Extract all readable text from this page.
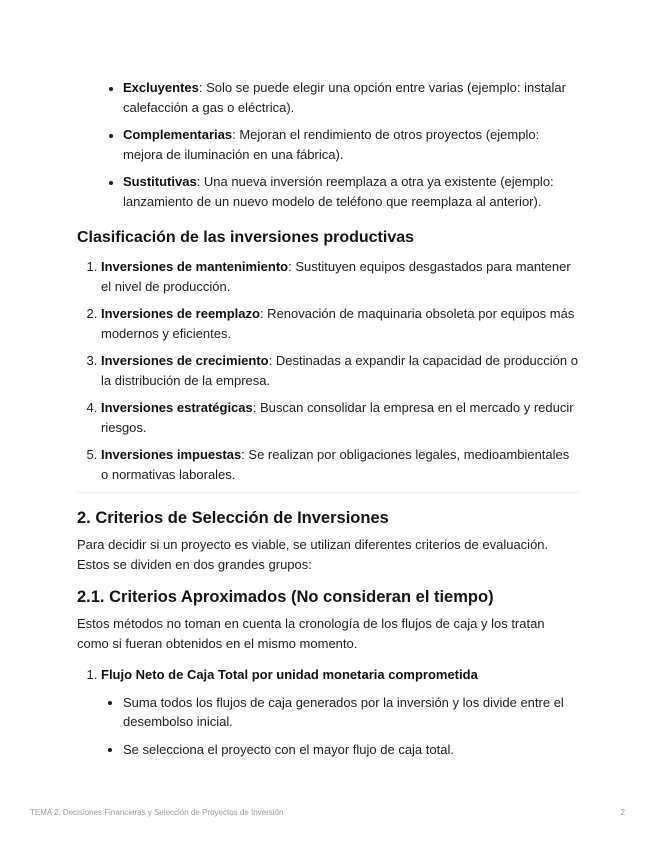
• Excluyentes: Solo se puede elegir una opción entre varias (ejemplo: instalar calefacción a gas o eléctrica).
• Complementarias: Mejoran el rendimiento de otros proyectos (ejemplo: mejora de iluminación en una fábrica).
• Sustitutivas: Una nueva inversión reemplaza a otra ya existente (ejemplo: lanzamiento de un nuevo modelo de teléfono que reemplaza al anterior).
Clasificación de las inversiones productivas
1. Inversiones de mantenimiento: Sustituyen equipos desgastados para mantener el nivel de producción.
2. Inversiones de reemplazo: Renovación de maquinaria obsoleta por equipos más modernos y eficientes.
3. Inversiones de crecimiento: Destinadas a expandir la capacidad de producción o la distribución de la empresa.
4. Inversiones estratégicas: Buscan consolidar la empresa en el mercado y reducir riesgos.
5. Inversiones impuestas: Se realizan por obligaciones legales, medioambientales o normativas laborales.
2. Criterios de Selección de Inversiones

Para decidir si un proyecto es viable, se utilizan diferentes criterios de evaluación. Estos se dividen en dos grandes grupos:

2.1. Criterios Aproximados (No consideran el tiempo)

Estos métodos no toman en cuenta la cronología de los flujos de caja y los tratan como si fueran obtenidos en el mismo momento.

1. Flujo Neto de Caja Total por unidad monetaria comprometida
• Suma todos los flujos de caja generados por la inversión y los divide entre el desembolso inicial.
• Se selecciona el proyecto con el mayor flujo de caja total.
TEMA 2. Decisiones Financieras y Selección de Proyectos de Inversión	2
